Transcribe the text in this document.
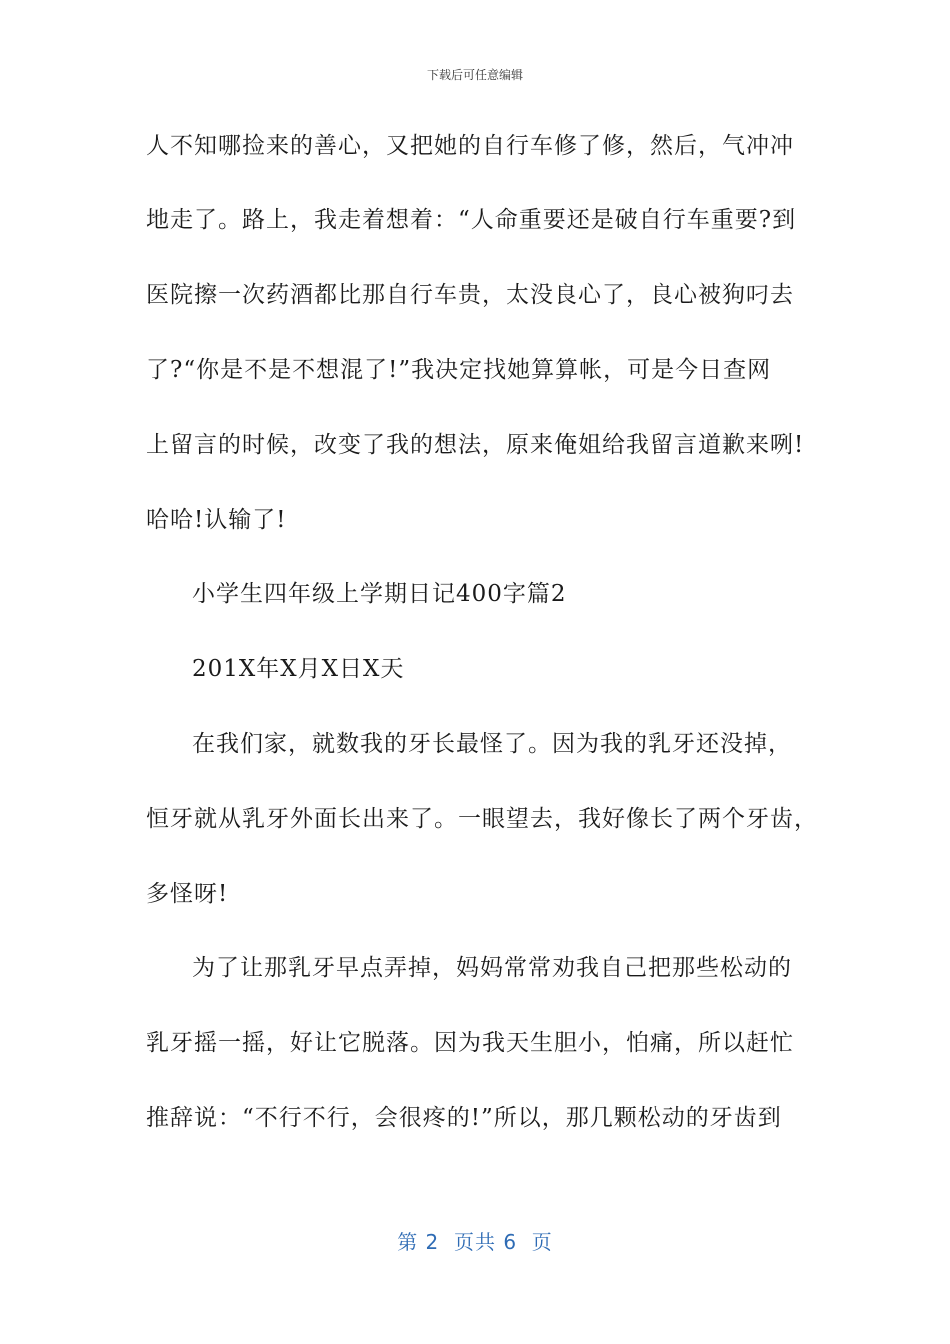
下载后可任意编辑
人不知哪捡来的善心，又把她的自行车修了修，然后，气冲冲
地走了。路上，我走着想着：“人命重要还是破自行车重要?到
医院擦一次药酒都比那自行车贵，太没良心了，良心被狗叼去
了?“你是不是不想混了!”我决定找她算算帐，可是今日查网
上留言的时候，改变了我的想法，原来俺姐给我留言道歉来咧!
哈哈!认输了!
小学生四年级上学期日记400字篇2
201X年X月X日X天
在我们家，就数我的牙长最怪了。因为我的乳牙还没掉，
恒牙就从乳牙外面长出来了。一眼望去，我好像长了两个牙齿，
多怪呀!
为了让那乳牙早点弄掉，妈妈常常劝我自己把那些松动的
乳牙摇一摇，好让它脱落。因为我天生胆小，怕痛，所以赶忙
推辞说：“不行不行，会很疼的!”所以，那几颗松动的牙齿到
第 2  页共 6  页
